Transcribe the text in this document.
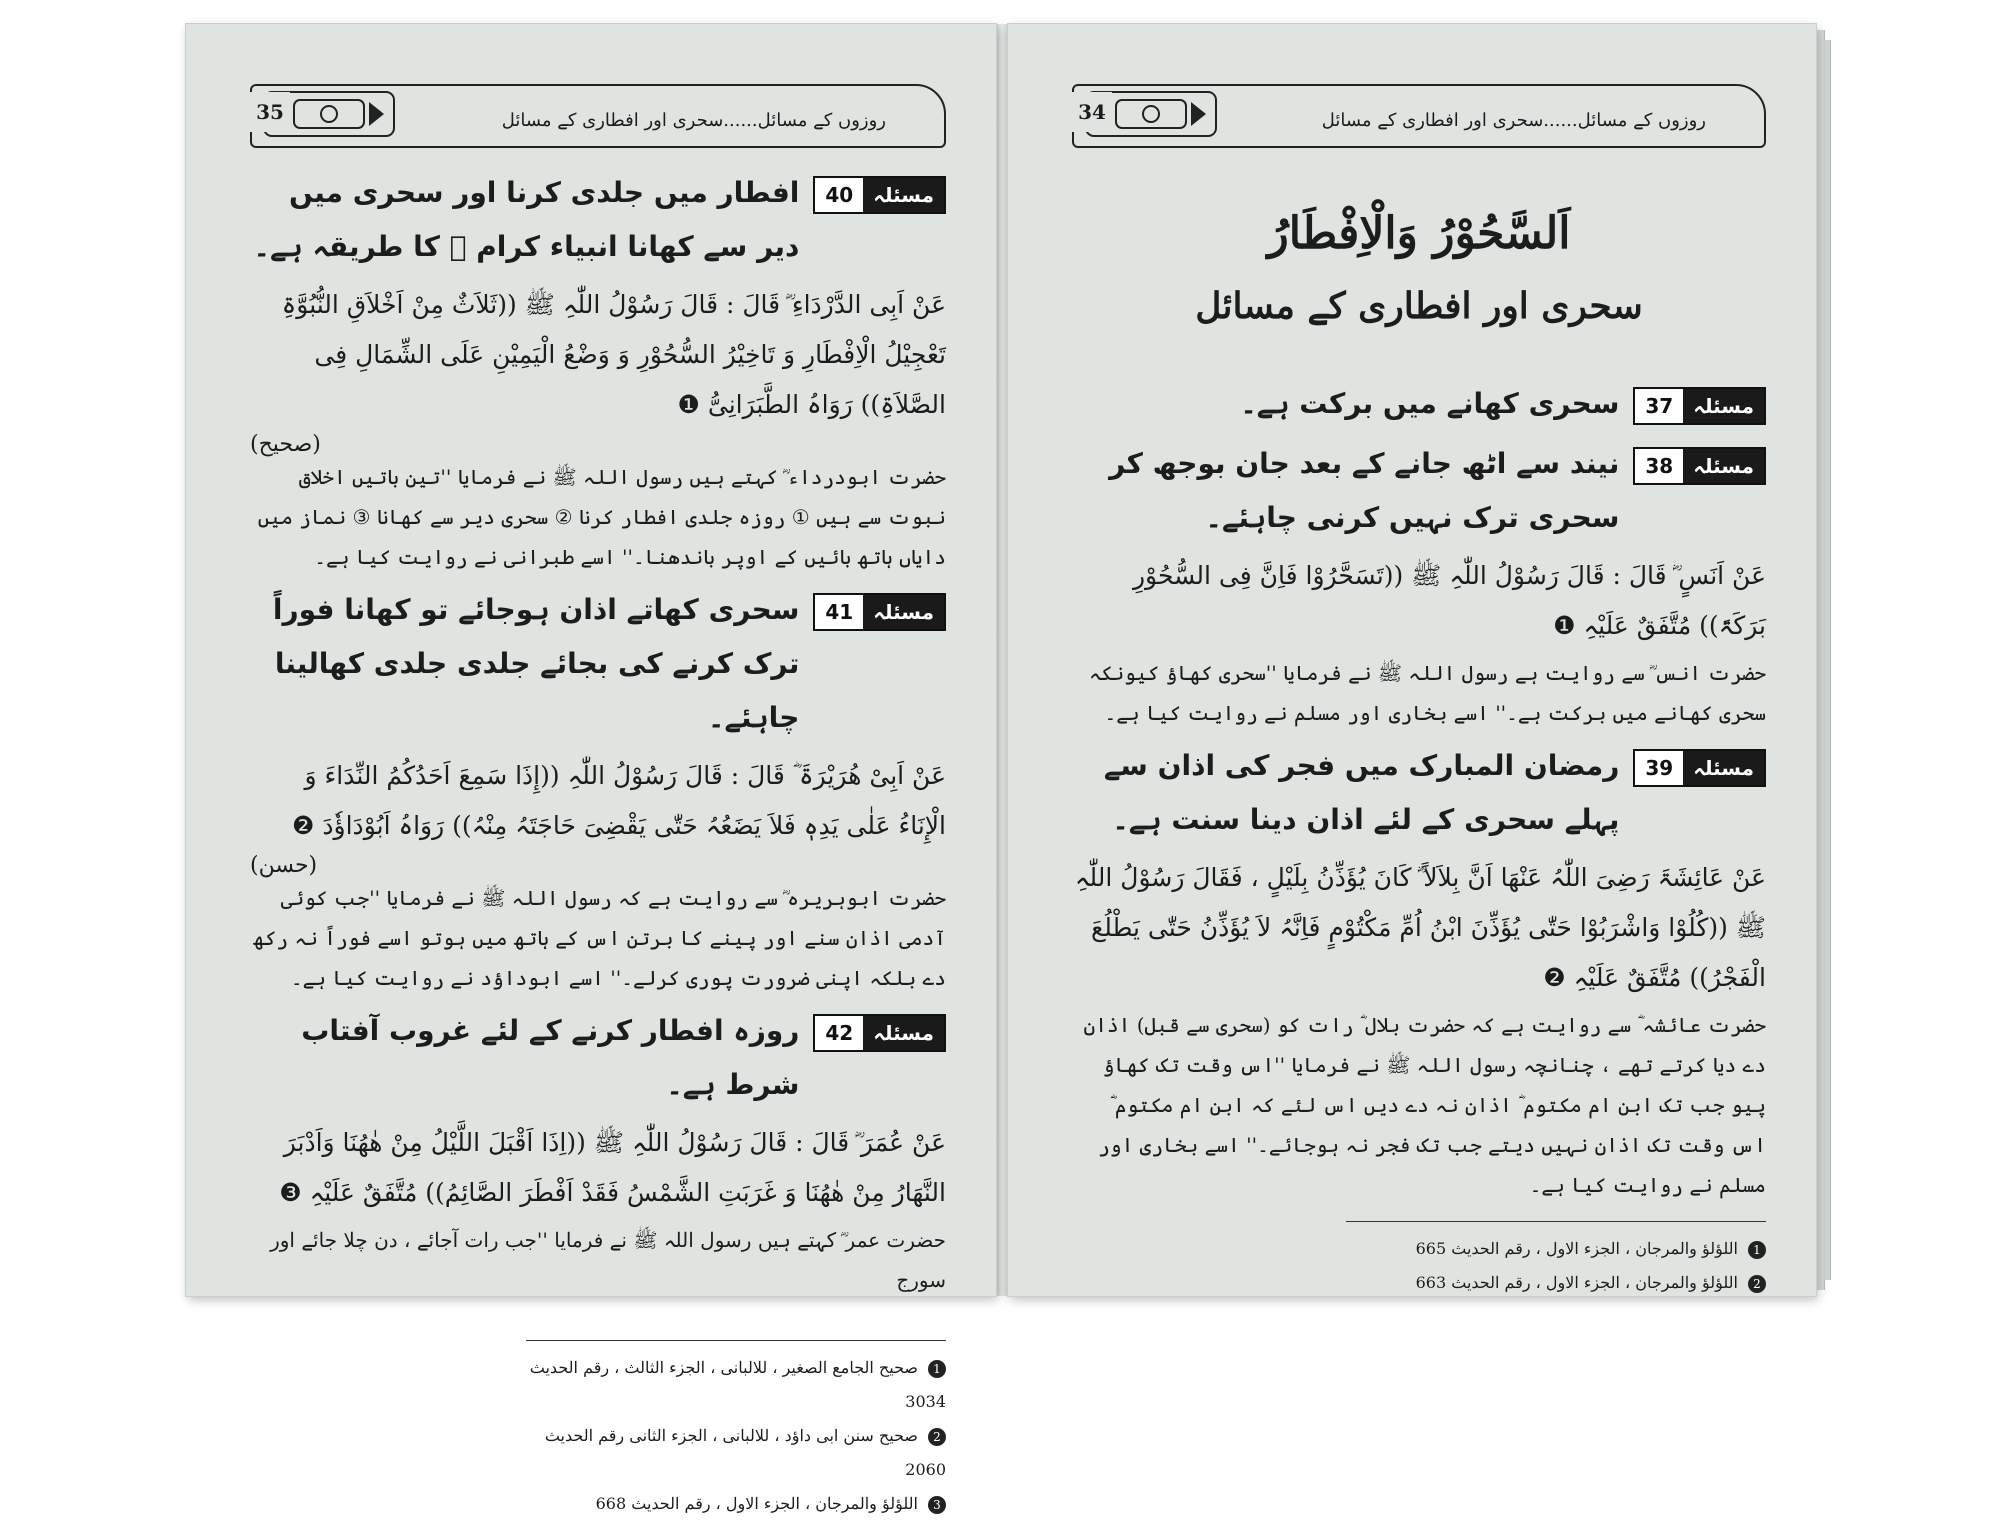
روزوں کے مسائل......سحری اور افطاری کے مسائل
35
مسئلہ
40
افطار میں جلدی کرنا اور سحری میں دیر سے کھانا انبیاء کرام ﷤ کا طریقہ ہے۔
عَنْ اَبِی الدَّرْدَاءِ ؓ قَالَ : قَالَ رَسُوْلُ اللّٰہِ ﷺ ((ثَلاَثٌ مِنْ اَخْلاَقِ النُّبُوَّۃِ تَعْجِیْلُ الْاِفْطَارِ وَ تَاخِیْرُ السُّحُوْرِ وَ وَضْعُ الْیَمِیْنِ عَلَی الشِّمَالِ فِی الصَّلاَۃِ)) رَوَاہُ الطَّبَرَانِیُّ ❶
(صحیح)
حضرت ابودرداء ؓ کہتے ہیں رسول اللہ ﷺ نے فرمایا ''تین باتیں اخلاق نبوت سے ہیں ① روزہ جلدی افطار کرنا ② سحری دیر سے کھانا ③ نماز میں دایاں ہاتھ بائیں کے اوپر باندھنا۔'' اسے طبرانی نے روایت کیا ہے۔
مسئلہ
41
سحری کھاتے اذان ہوجائے تو کھانا فوراً ترک کرنے کی بجائے جلدی جلدی کھالینا چاہئے۔
عَنْ اَبِیْ ھُرَیْرَۃَ ؓ قَالَ : قَالَ رَسُوْلُ اللّٰہِ ((إِذَا سَمِعَ اَحَدُکُمُ النِّدَاءَ وَ الْإِنَاءُ عَلٰی یَدِہٖ فَلاَ یَضَعُہُ حَتّٰی یَقْضِیَ حَاجَتَہُ مِنْہُ)) رَوَاہُ اَبُوْدَاؤٗدَ ❷
(حسن)
حضرت ابوہریرہ ؓ سے روایت ہے کہ رسول اللہ ﷺ نے فرمایا ''جب کوئی آدمی اذان سنے اور پینے کا برتن اس کے ہاتھ میں ہوتو اسے فوراً نہ رکھ دے بلکہ اپنی ضرورت پوری کرلے۔'' اسے ابوداؤد نے روایت کیا ہے۔
مسئلہ
42
روزہ افطار کرنے کے لئے غروب آفتاب شرط ہے۔
عَنْ عُمَرَ ؓ قَالَ : قَالَ رَسُوْلُ اللّٰہِ ﷺ ((اِذَا اَقْبَلَ اللَّیْلُ مِنْ ھٰھُنَا وَاَدْبَرَ النَّھَارُ مِنْ ھٰھُنَا وَ غَرَبَتِ الشَّمْسُ فَقَدْ اَفْطَرَ الصَّائِمُ)) مُتَّفَقٌ عَلَیْہِ ❸
حضرت عمر ؓ کہتے ہیں رسول اللہ ﷺ نے فرمایا ''جب رات آجائے ، دن چلا جائے اور سورج
1صحیح الجامع الصغیر ، للالبانی ، الجزء الثالث ، رقم الحدیث 3034
2صحیح سنن ابی داؤد ، للالبانی ، الجزء الثانی رقم الحدیث 2060
3اللؤلؤ والمرجان ، الجزء الاول ، رقم الحدیث 668
روزوں کے مسائل......سحری اور افطاری کے مسائل
34
اَلسَّحُوْرُ وَالْاِفْطَارُ
سحری اور افطاری کے مسائل
مسئلہ
37
سحری کھانے میں برکت ہے۔
مسئلہ
38
نیند سے اٹھ جانے کے بعد جان بوجھ کر سحری ترک نہیں کرنی چاہئے۔
عَنْ اَنَسٍ ؓ قَالَ : قَالَ رَسُوْلُ اللّٰہِ ﷺ ((تَسَحَّرُوْا فَاِنَّ فِی السُّحُوْرِ بَرَکَۃً)) مُتَّفَقٌ عَلَیْہِ ❶
حضرت انس ؓ سے روایت ہے رسول اللہ ﷺ نے فرمایا ''سحری کھاؤ کیونکہ سحری کھانے میں برکت ہے۔'' اسے بخاری اور مسلم نے روایت کیا ہے۔
مسئلہ
39
رمضان المبارک میں فجر کی اذان سے پہلے سحری کے لئے اذان دینا سنت ہے۔
عَنْ عَائِشَۃَ رَضِیَ اللّٰہُ عَنْھَا اَنَّ بِلاَلاً ؓ کَانَ یُؤَذِّنُ بِلَیْلٍ ، فَقَالَ رَسُوْلُ اللّٰہِ ﷺ ((کُلُوْا وَاشْرَبُوْا حَتّٰی یُؤَذِّنَ ابْنُ اُمِّ مَکْتُوْمٍ فَاِنَّہُ لاَ یُؤَذِّنُ حَتّٰی یَطْلُعَ الْفَجْرُ)) مُتَّفَقٌ عَلَیْہِ ❷
حضرت عائشہ ؓ سے روایت ہے کہ حضرت بلال ؓ رات کو (سحری سے قبل) اذان دے دیا کرتے تھے ، چنانچہ رسول اللہ ﷺ نے فرمایا ''اس وقت تک کھاؤ پیو جب تک ابن ام مکتوم ؓ اذان نہ دے دیں اس لئے کہ ابن ام مکتوم ؓ اس وقت تک اذان نہیں دیتے جب تک فجر نہ ہوجائے۔'' اسے بخاری اور مسلم نے روایت کیا ہے۔
1اللؤلؤ والمرجان ، الجزء الاول ، رقم الحدیث 665
2اللؤلؤ والمرجان ، الجزء الاول ، رقم الحدیث 663
